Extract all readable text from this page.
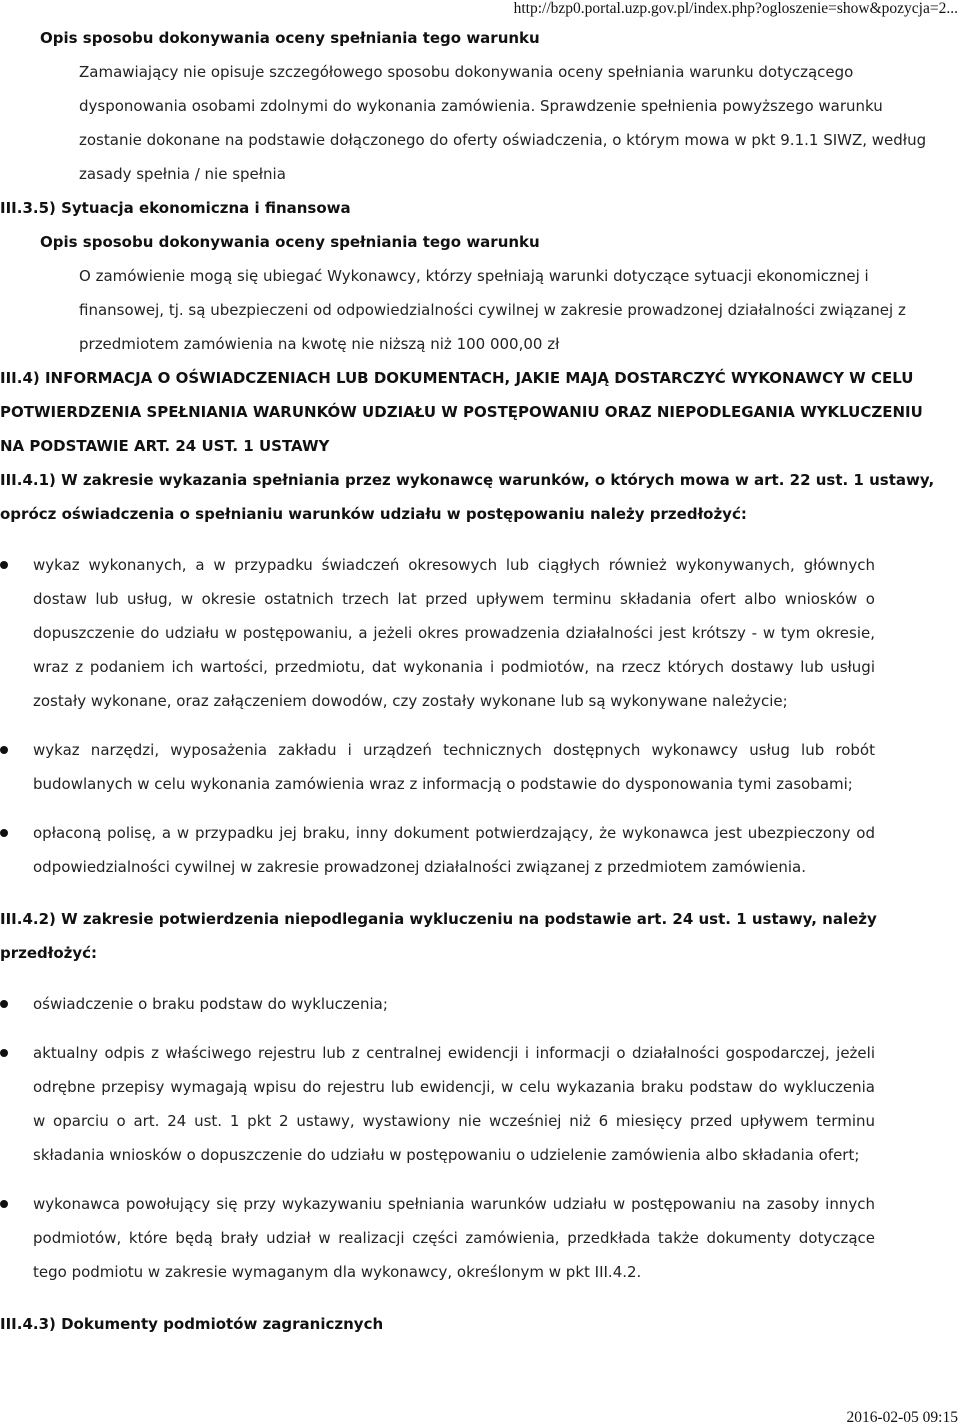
http://bzp0.portal.uzp.gov.pl/index.php?ogloszenie=show&pozycja=2...
Opis sposobu dokonywania oceny spełniania tego warunku

Zamawiający nie opisuje szczegółowego sposobu dokonywania oceny spełniania warunku dotyczącego dysponowania osobami zdolnymi do wykonania zamówienia. Sprawdzenie spełnienia powyższego warunku zostanie dokonane na podstawie dołączonego do oferty oświadczenia, o którym mowa w pkt 9.1.1 SIWZ, według zasady spełnia / nie spełnia

III.3.5) Sytuacja ekonomiczna i finansowa
Opis sposobu dokonywania oceny spełniania tego warunku

O zamówienie mogą się ubiegać Wykonawcy, którzy spełniają warunki dotyczące sytuacji ekonomicznej i finansowej, tj. są ubezpieczeni od odpowiedzialności cywilnej w zakresie prowadzonej działalności związanej z przedmiotem zamówienia na kwotę nie niższą niż 100 000,00 zł

III.4) INFORMACJA O OŚWIADCZENIACH LUB DOKUMENTACH, JAKIE MAJĄ DOSTARCZYĆ WYKONAWCY W CELU POTWIERDZENIA SPEŁNIANIA WARUNKÓW UDZIAŁU W POSTĘPOWANIU ORAZ NIEPODLEGANIA WYKLUCZENIU NA PODSTAWIE ART. 24 UST. 1 USTAWY
III.4.1) W zakresie wykazania spełniania przez wykonawcę warunków, o których mowa w art. 22 ust. 1 ustawy, oprócz oświadczenia o spełnianiu warunków udziału w postępowaniu należy przedłożyć:
wykaz wykonanych, a w przypadku świadczeń okresowych lub ciągłych również wykonywanych, głównych dostaw lub usług, w okresie ostatnich trzech lat przed upływem terminu składania ofert albo wniosków o dopuszczenie do udziału w postępowaniu, a jeżeli okres prowadzenia działalności jest krótszy - w tym okresie, wraz z podaniem ich wartości, przedmiotu, dat wykonania i podmiotów, na rzecz których dostawy lub usługi zostały wykonane, oraz załączeniem dowodów, czy zostały wykonane lub są wykonywane należycie;
wykaz narzędzi, wyposażenia zakładu i urządzeń technicznych dostępnych wykonawcy usług lub robót budowlanych w celu wykonania zamówienia wraz z informacją o podstawie do dysponowania tymi zasobami;
opłaconą polisę, a w przypadku jej braku, inny dokument potwierdzający, że wykonawca jest ubezpieczony od odpowiedzialności cywilnej w zakresie prowadzonej działalności związanej z przedmiotem zamówienia.
III.4.2) W zakresie potwierdzenia niepodlegania wykluczeniu na podstawie art. 24 ust. 1 ustawy, należy przedłożyć:
oświadczenie o braku podstaw do wykluczenia;
aktualny odpis z właściwego rejestru lub z centralnej ewidencji i informacji o działalności gospodarczej, jeżeli odrębne przepisy wymagają wpisu do rejestru lub ewidencji, w celu wykazania braku podstaw do wykluczenia w oparciu o art. 24 ust. 1 pkt 2 ustawy, wystawiony nie wcześniej niż 6 miesięcy przed upływem terminu składania wniosków o dopuszczenie do udziału w postępowaniu o udzielenie zamówienia albo składania ofert;
wykonawca powołujący się przy wykazywaniu spełniania warunków udziału w postępowaniu na zasoby innych podmiotów, które będą brały udział w realizacji części zamówienia, przedkłada także dokumenty dotyczące tego podmiotu w zakresie wymaganym dla wykonawcy, określonym w pkt III.4.2.
III.4.3) Dokumenty podmiotów zagranicznych
2016-02-05 09:15
